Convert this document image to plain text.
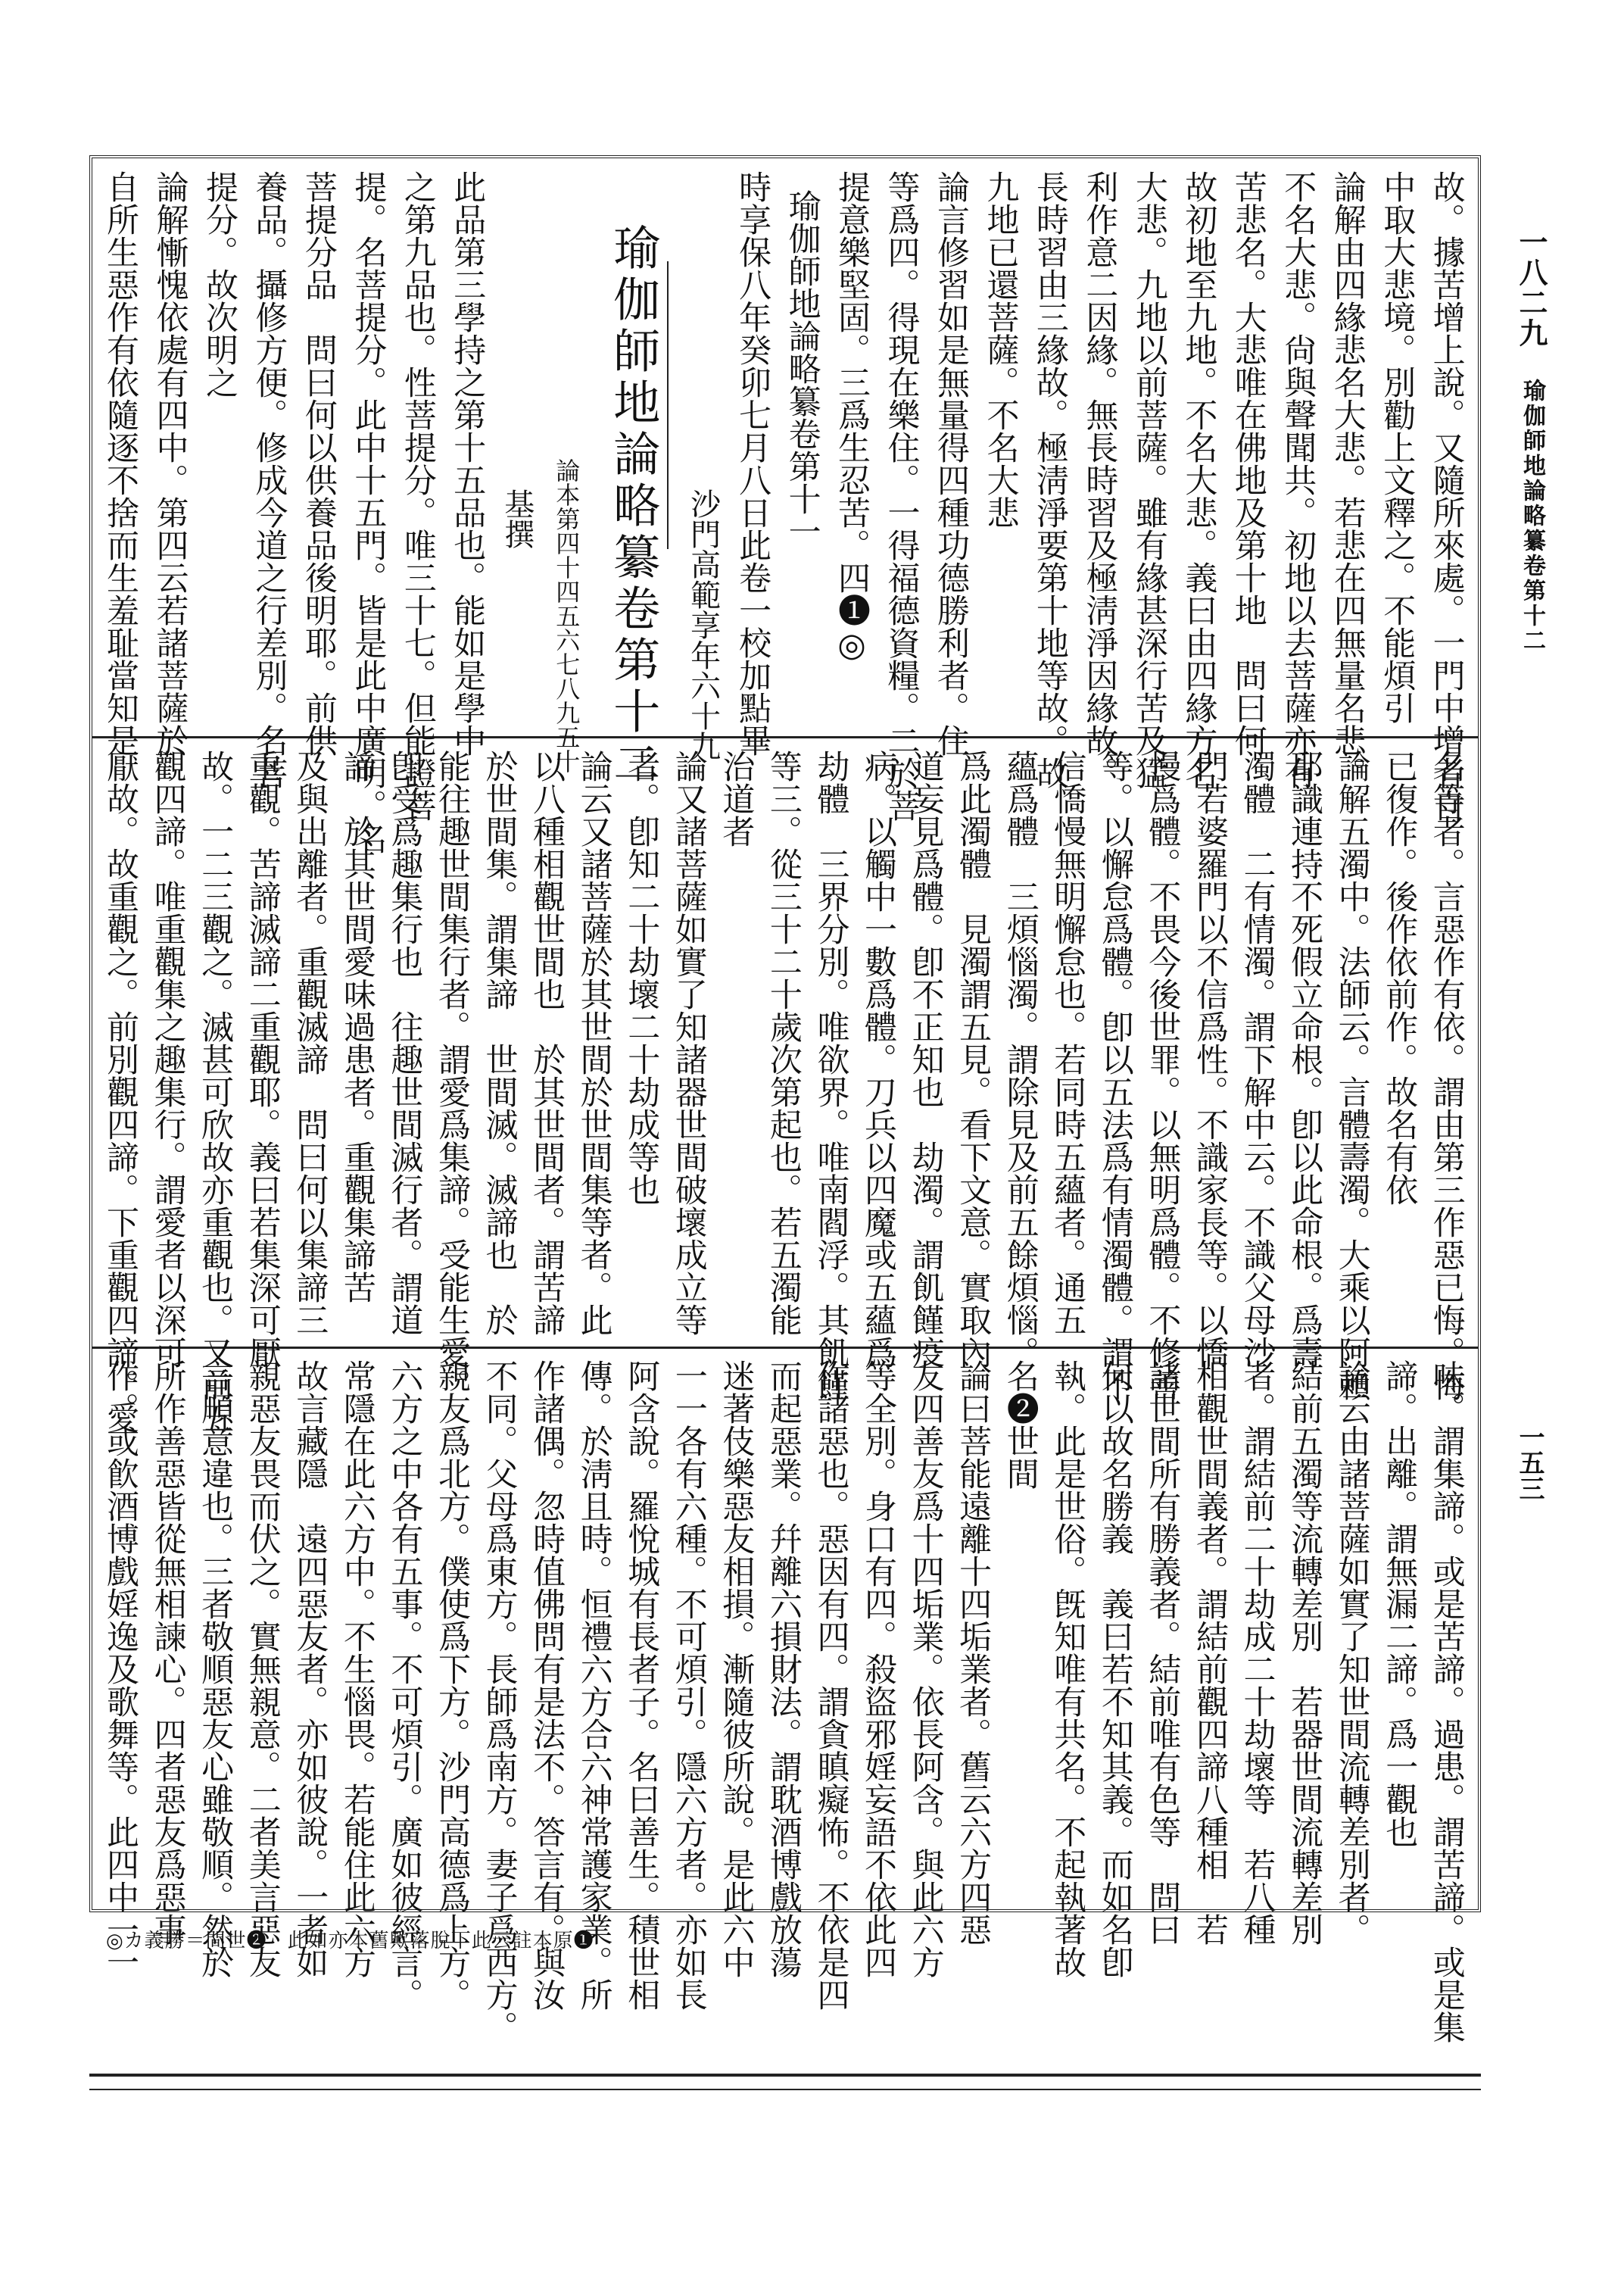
一八二九
瑜伽師地論略纂卷第十二
一五三
故。據苦增上說。又隨所來處。一門中增者自
中取大悲境。別勸上文釋之。不能煩引
論解由四緣悲名大悲。若悲在四無量名悲。
不名大悲。尙與聲聞共。初地以去菩薩亦有
苦悲名。大悲唯在佛地及第十地　問曰何
故初地至九地。不名大悲。義曰由四緣方名
大悲。九地以前菩薩。雖有緣甚深行苦及猛
利作意二因緣。無長時習及極淸淨因緣故。
長時習由三緣故。極淸淨要第十地等故。故
九地已還菩薩。不名大悲
論言修習如是無量得四種功德勝利者。住
等爲四。得現在樂住。一得福德資糧。二於菩
提意樂堅固。三爲生忍苦。四❶◎
瑜伽師地論略纂卷第十一
時享保八年癸卯七月八日此卷一校加點畢
沙門高範享年六十九
瑜伽師地論略纂卷第十二
論本第四十四五六七八九五十
基撰
此品第三學持之第十五品也。能如是學中
之第九品也。性菩提分。唯三十七。但能證菩
提。名菩提分。此中十五門。皆是此中廣明。名
菩提分品　問曰何以供養品後明耶。前供
養品。攝修方便。修成今道之行差別。名菩
提分。故次明之
論解慚愧依處有四中。第四云若諸菩薩於
自所生惡作有依隨逐不捨而生羞耻當知是
名等者。言惡作有依。謂由第三作惡已悔。悔
已復作。後作依前作。故名有依
論解五濁中。法師云。言體壽濁。大乘以阿賴
耶識連持不死假立命根。卽以此命根。爲壽
濁體　二有情濁。謂下解中云。不識父母沙
門若婆羅門以不信爲性。不識家長等。以憍
慢爲體。不畏今後世罪。以無明爲體。不修善
等。以懈怠爲體。卽以五法爲有情濁體。謂不
信憍慢無明懈怠也。若同時五蘊者。通五
蘊爲體　三煩惱濁。謂除見及前五餘煩惱。
爲此濁體　見濁謂五見。看下文意。實取內
道妄見爲體。卽不正知也　劫濁。謂飢饉疫
病。以觸中一數爲體。刀兵以四魔或五蘊爲
劫體　三界分別。唯欲界。唯南閻浮。其飢饉
等三。從三十二十歲次第起也。若五濁能
治道者
論又諸菩薩如實了知諸器世間破壞成立等
者。卽知二十劫壞二十劫成等也
論云又諸菩薩於其世間於世間集等者。此
以八種相觀世間也　於其世間者。謂苦諦
於世間集。謂集諦　世間滅。滅諦也　於
能往趣世間集行者。謂愛爲集諦。受能生愛。
卽受爲趣集行也　往趣世間滅行者。謂道
諦　於其世間愛味過患者。重觀集諦苦
及與出離者。重觀滅諦　問曰何以集諦三
重觀。苦諦滅諦二重觀耶。義曰若集深可厭
故。一二三觀之。滅甚可欣故亦重觀也。又前五
觀四諦。唯重觀集之趣集行。謂愛者以深可
厭故。故重觀之。前別觀四諦。下重觀四諦。愛
味。謂集諦。或是苦諦。過患。謂苦諦。或是集
諦。出離。謂無漏二諦。爲一觀也
論云由諸菩薩如實了知世間流轉差別者。
結前五濁等流轉差別　若器世間流轉差別
者。謂結前二十劫成二十劫壞等　若八種
相觀世間義者。謂結前觀四諦八種相　若
諸世間所有勝義者。結前唯有色等　問曰
何以故名勝義　義曰若不知其義。而如名卽
執。此是世俗。旣知唯有共名。不起執著故
名❷世間
論曰菩能遠離十四垢業者。舊云六方四惡
友四善友爲十四垢業。依長阿含。與此六方
等全別。身口有四。殺盜邪婬妄語不依此四
作諸惡也。惡因有四。謂貪瞋癡怖。不依是四
而起惡業。幷離六損財法。謂耽酒博戲放蕩
迷著伎樂惡友相損。漸隨彼所說。是此六中
一一各有六種。不可煩引。隱六方者。亦如長
阿含說。羅悅城有長者子。名曰善生。積世相
傳。於淸且時。恒禮六方合六神常護家業。所
作諸偶。忽時值佛問有是法不。答言有。與汝
不同。父母爲東方。長師爲南方。妻子爲西方。
親友爲北方。僕使爲下方。沙門高德爲上方。
六方之中各有五事。不可煩引。廣如彼經言。
常隱在此六方中。不生惱畏。若能住此六方
故言藏隱　遠四惡友者。亦如彼說。一者如
親惡友畏而伏之。實無親意。二者美言惡友
言順意違也。三者敬順惡友心雖敬順。然於
所作善惡皆從無相諫心。四者惡友爲惡事
作。或飮酒博戲婬逸及歌舞等。此四中一一
❶原本註云此下脫落歟舊本亦如此　❷世間＝勝義カ◎
